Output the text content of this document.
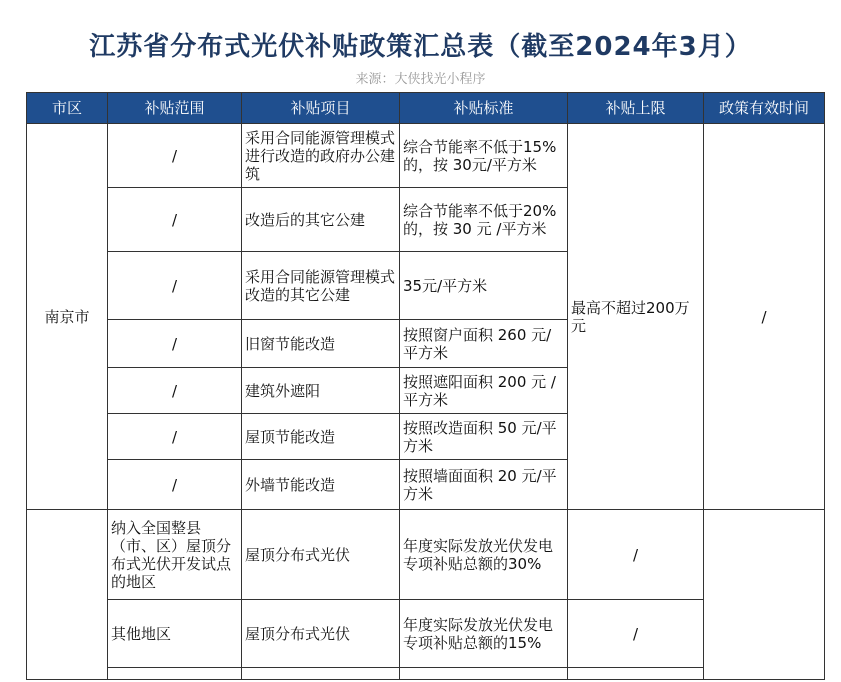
江苏省分布式光伏补贴政策汇总表（截至2024年3月）
来源：大侠找光小程序
市区	补贴范围	补贴项目	补贴标准	补贴上限	政策有效时间
南京市	/	采用合同能源管理模式进行改造的政府办公建筑	综合节能率不低于15%的，按 30元/平方米	最高不超过200万元	/
	/	改造后的其它公建	综合节能率不低于20%的，按 30 元 /平方米		
	/	采用合同能源管理模式改造的其它公建	35元/平方米		
	/	旧窗节能改造	按照窗户面积 260 元/平方米		
	/	建筑外遮阳	按照遮阳面积 200 元 /平方米		
	/	屋顶节能改造	按照改造面积 50 元/平方米		
	/	外墙节能改造	按照墙面面积 20 元/平方米		
	纳入全国整县（市、区）屋顶分布式光伏开发试点的地区	屋顶分布式光伏	年度实际发放光伏发电专项补贴总额的30%	/	
	其他地区	屋顶分布式光伏	年度实际发放光伏发电专项补贴总额的15%	/	
